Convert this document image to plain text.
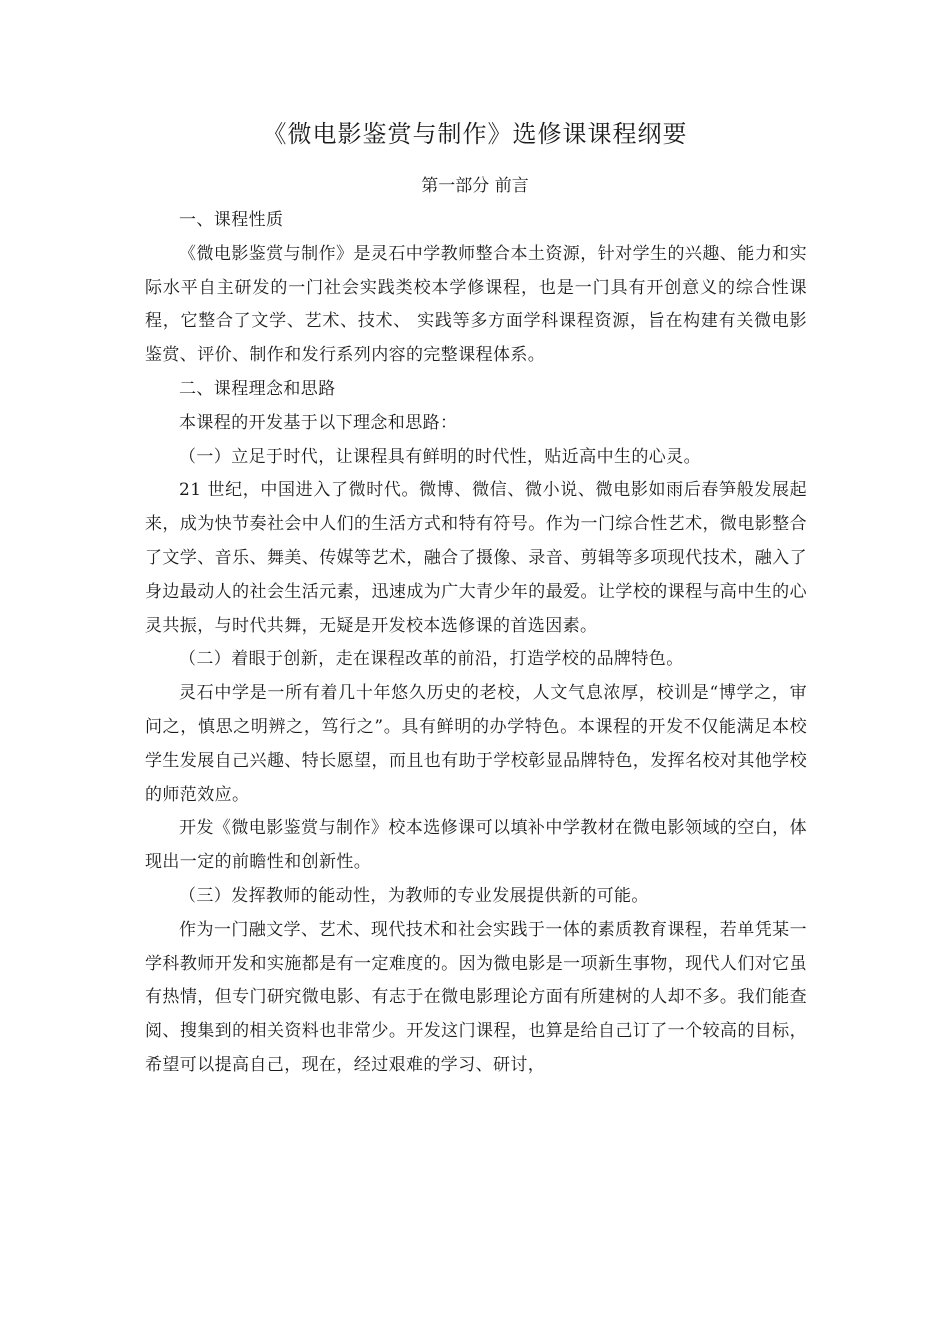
《微电影鉴赏与制作》选修课课程纲要
第一部分 前言

一、课程性质

《微电影鉴赏与制作》是灵石中学教师整合本土资源，针对学生的兴趣、能力和实际水平自主研发的一门社会实践类校本学修课程，也是一门具有开创意义的综合性课程，它整合了文学、艺术、技术、 实践等多方面学科课程资源，旨在构建有关微电影鉴赏、评价、制作和发行系列内容的完整课程体系。

二、课程理念和思路

本课程的开发基于以下理念和思路：

（一）立足于时代，让课程具有鲜明的时代性，贴近高中生的心灵。

21 世纪，中国进入了微时代。微博、微信、微小说、微电影如雨后春笋般发展起来，成为快节奏社会中人们的生活方式和特有符号。作为一门综合性艺术，微电影整合了文学、音乐、舞美、传媒等艺术，融合了摄像、录音、剪辑等多项现代技术，融入了身边最动人的社会生活元素，迅速成为广大青少年的最爱。让学校的课程与高中生的心灵共振，与时代共舞，无疑是开发校本选修课的首选因素。

（二）着眼于创新，走在课程改革的前沿，打造学校的品牌特色。

灵石中学是一所有着几十年悠久历史的老校，人文气息浓厚，校训是“博学之，审问之，慎思之明辨之，笃行之”。具有鲜明的办学特色。本课程的开发不仅能满足本校学生发展自己兴趣、特长愿望，而且也有助于学校彰显品牌特色，发挥名校对其他学校的师范效应。

开发《微电影鉴赏与制作》校本选修课可以填补中学教材在微电影领域的空白，体现出一定的前瞻性和创新性。

（三）发挥教师的能动性，为教师的专业发展提供新的可能。

作为一门融文学、艺术、现代技术和社会实践于一体的素质教育课程，若单凭某一学科教师开发和实施都是有一定难度的。因为微电影是一项新生事物，现代人们对它虽有热情，但专门研究微电影、有志于在微电影理论方面有所建树的人却不多。我们能查阅、搜集到的相关资料也非常少。开发这门课程，也算是给自己订了一个较高的目标，希望可以提高自己，现在，经过艰难的学习、研讨，
